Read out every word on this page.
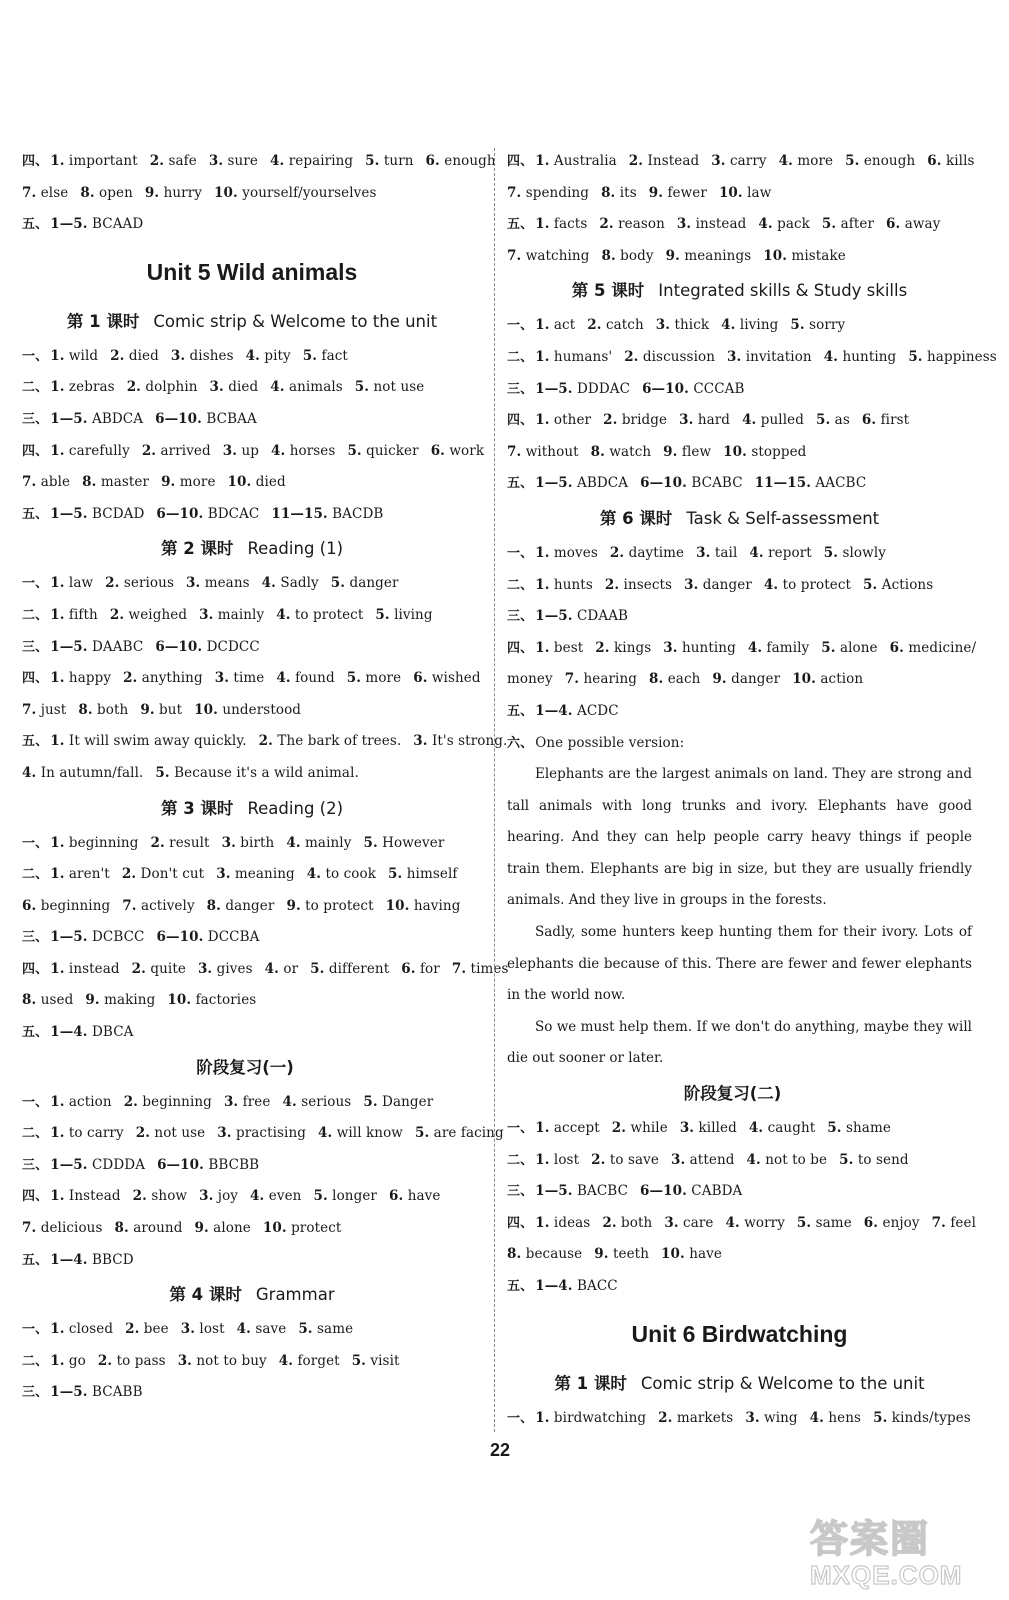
四、 1. important 2. safe 3. sure 4. repairing 5. turn 6. enough
7. else 8. open 9. hurry 10. yourself/yourselves
五、 1—5. BCAAD
Unit 5 Wild animals
第 1 课时 Comic strip & Welcome to the unit
一、 1. wild 2. died 3. dishes 4. pity 5. fact
二、 1. zebras 2. dolphin 3. died 4. animals 5. not use
三、 1—5. ABDCA 6—10. BCBAA
四、 1. carefully 2. arrived 3. up 4. horses 5. quicker 6. work
7. able 8. master 9. more 10. died
五、 1—5. BCDAD 6—10. BDCAC 11—15. BACDB
第 2 课时 Reading (1)
一、 1. law 2. serious 3. means 4. Sadly 5. danger
二、 1. fifth 2. weighed 3. mainly 4. to protect 5. living
三、 1—5. DAABC 6—10. DCDCC
四、 1. happy 2. anything 3. time 4. found 5. more 6. wished
7. just 8. both 9. but 10. understood
五、 1. It will swim away quickly. 2. The bark of trees. 3. It's strong.
4. In autumn/fall. 5. Because it's a wild animal.
第 3 课时 Reading (2)
一、 1. beginning 2. result 3. birth 4. mainly 5. However
二、 1. aren't 2. Don't cut 3. meaning 4. to cook 5. himself
6. beginning 7. actively 8. danger 9. to protect 10. having
三、 1—5. DCBCC 6—10. DCCBA
四、 1. instead 2. quite 3. gives 4. or 5. different 6. for 7. times
8. used 9. making 10. factories
五、 1—4. DBCA
阶段复习(一)
一、 1. action 2. beginning 3. free 4. serious 5. Danger
二、 1. to carry 2. not use 3. practising 4. will know 5. are facing
三、 1—5. CDDDA 6—10. BBCBB
四、 1. Instead 2. show 3. joy 4. even 5. longer 6. have
7. delicious 8. around 9. alone 10. protect
五、 1—4. BBCD
第 4 课时 Grammar
一、 1. closed 2. bee 3. lost 4. save 5. same
二、 1. go 2. to pass 3. not to buy 4. forget 5. visit
三、 1—5. BCABB
四、 1. Australia 2. Instead 3. carry 4. more 5. enough 6. kills
7. spending 8. its 9. fewer 10. law
五、 1. facts 2. reason 3. instead 4. pack 5. after 6. away
7. watching 8. body 9. meanings 10. mistake
第 5 课时 Integrated skills & Study skills
一、 1. act 2. catch 3. thick 4. living 5. sorry
二、 1. humans' 2. discussion 3. invitation 4. hunting 5. happiness
三、 1—5. DDDAC 6—10. CCCAB
四、 1. other 2. bridge 3. hard 4. pulled 5. as 6. first
7. without 8. watch 9. flew 10. stopped
五、 1—5. ABDCA 6—10. BCABC 11—15. AACBC
第 6 课时 Task & Self-assessment
一、 1. moves 2. daytime 3. tail 4. report 5. slowly
二、 1. hunts 2. insects 3. danger 4. to protect 5. Actions
三、 1—5. CDAAB
四、 1. best 2. kings 3. hunting 4. family 5. alone 6. medicine/
money 7. hearing 8. each 9. danger 10. action
五、 1—4. ACDC
六、 One possible version:
Elephants are the largest animals on land. They are strong and tall animals with long trunks and ivory. Elephants have good hearing. And they can help people carry heavy things if people train them. Elephants are big in size, but they are usually friendly animals. And they live in groups in the forests.
Sadly, some hunters keep hunting them for their ivory. Lots of elephants die because of this. There are fewer and fewer elephants in the world now.
So we must help them. If we don't do anything, maybe they will die out sooner or later.
阶段复习(二)
一、 1. accept 2. while 3. killed 4. caught 5. shame
二、 1. lost 2. to save 3. attend 4. not to be 5. to send
三、 1—5. BACBC 6—10. CABDA
四、 1. ideas 2. both 3. care 4. worry 5. same 6. enjoy 7. feel
8. because 9. teeth 10. have
五、 1—4. BACC
Unit 6 Birdwatching
第 1 课时 Comic strip & Welcome to the unit
一、 1. birdwatching 2. markets 3. wing 4. hens 5. kinds/types
22
答案圈
MXQE.COM
